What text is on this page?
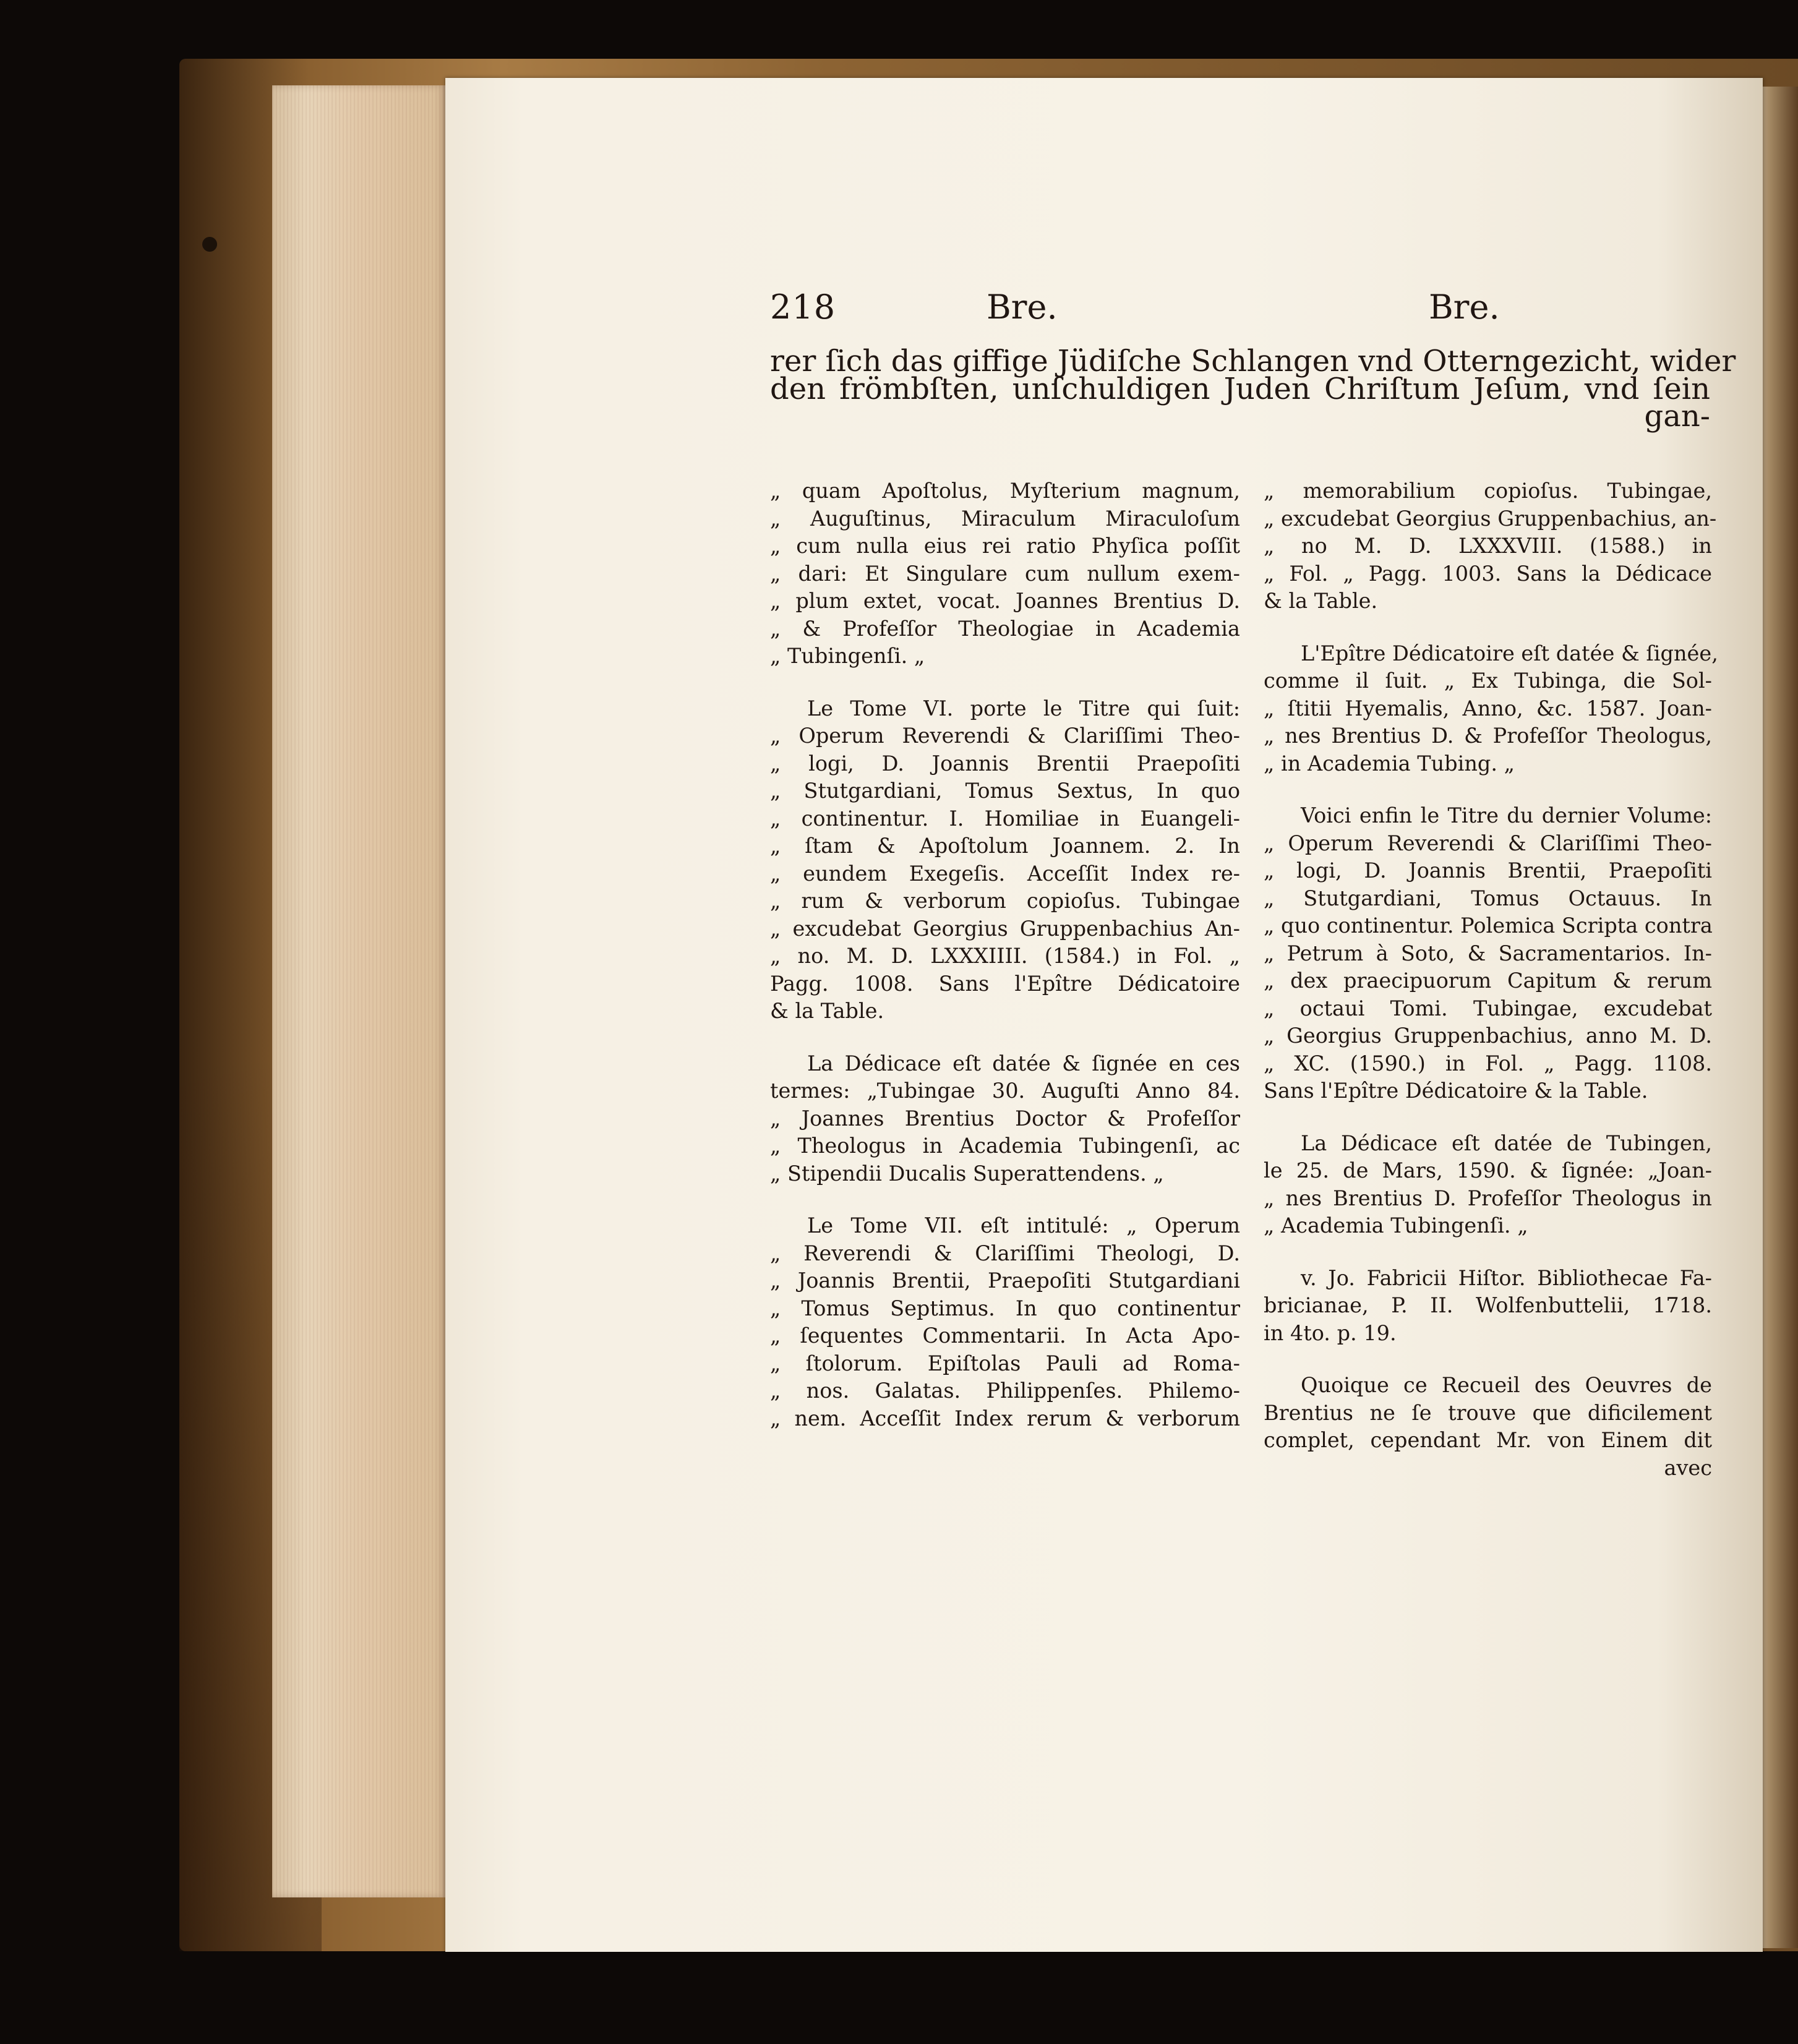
218	Bre.	Bre.
rer ſich das giffige Jüdiſche Schlangen vnd Otterngezicht, wider
den frömbſten, unſchuldigen Juden Chriſtum Jeſum, vnd ſein
gan-
„ quam Apoſtolus, Myſterium magnum,
„ Auguſtinus, Miraculum Miraculoſum
„ cum nulla eius rei ratio Phyſica poſſit
„ dari: Et Singulare cum nullum exem-
„ plum extet, vocat. Joannes Brentius D.
„ & Profeſſor Theologiae in Academia
„ Tubingenſi. „
Le Tome VI. porte le Titre qui ſuit:
„ Operum Reverendi & Clariſſimi Theo-
„ logi, D. Joannis Brentii Praepoſiti
„ Stutgardiani, Tomus Sextus, In quo
„ continentur. I. Homiliae in Euangeli-
„ ſtam & Apoſtolum Joannem. 2. In
„ eundem Exegeſis. Acceſſit Index re-
„ rum & verborum copioſus. Tubingae
„ excudebat Georgius Gruppenbachius An-
„ no. M. D. LXXXIIII. (1584.) in Fol. „
Pagg. 1008. Sans l'Epître Dédicatoire
& la Table.
La Dédicace eſt datée & ſignée en ces
termes: „Tubingae 30. Auguſti Anno 84.
„ Joannes Brentius Doctor & Profeſſor
„ Theologus in Academia Tubingenſi, ac
„ Stipendii Ducalis Superattendens. „
Le Tome VII. eſt intitulé: „ Operum
„ Reverendi & Clariſſimi Theologi, D.
„ Joannis Brentii, Praepoſiti Stutgardiani
„ Tomus Septimus. In quo continentur
„ ſequentes Commentarii. In Acta Apo-
„ ſtolorum. Epiſtolas Pauli ad Roma-
„ nos. Galatas. Philippenſes. Philemo-
„ nem. Acceſſit Index rerum & verborum
„ memorabilium copioſus. Tubingae,
„ excudebat Georgius Gruppenbachius, an-
„ no M. D. LXXXVIII. (1588.) in
„ Fol. „ Pagg. 1003. Sans la Dédicace
& la Table.
L'Epître Dédicatoire eſt datée & ſignée,
comme il ſuit. „ Ex Tubinga, die Sol-
„ ſtitii Hyemalis, Anno, &c. 1587. Joan-
„ nes Brentius D. & Profeſſor Theologus,
„ in Academia Tubing. „
Voici enfin le Titre du dernier Volume:
„ Operum Reverendi & Clariſſimi Theo-
„ logi, D. Joannis Brentii, Praepoſiti
„ Stutgardiani, Tomus Octauus. In
„ quo continentur. Polemica Scripta contra
„ Petrum à Soto, & Sacramentarios. In-
„ dex praecipuorum Capitum & rerum
„ octaui Tomi. Tubingae, excudebat
„ Georgius Gruppenbachius, anno M. D.
„ XC. (1590.) in Fol. „ Pagg. 1108.
Sans l'Epître Dédicatoire & la Table.
La Dédicace eſt datée de Tubingen,
le 25. de Mars, 1590. & ſignée: „Joan-
„ nes Brentius D. Profeſſor Theologus in
„ Academia Tubingenſi. „
v. Jo. Fabricii Hiſtor. Bibliothecae Fa-
bricianae, P. II. Wolfenbuttelii, 1718.
in 4to. p. 19.
Quoique ce Recueil des Oeuvres de
Brentius ne ſe trouve que dificilement
complet, cependant Mr. von Einem dit
avec
